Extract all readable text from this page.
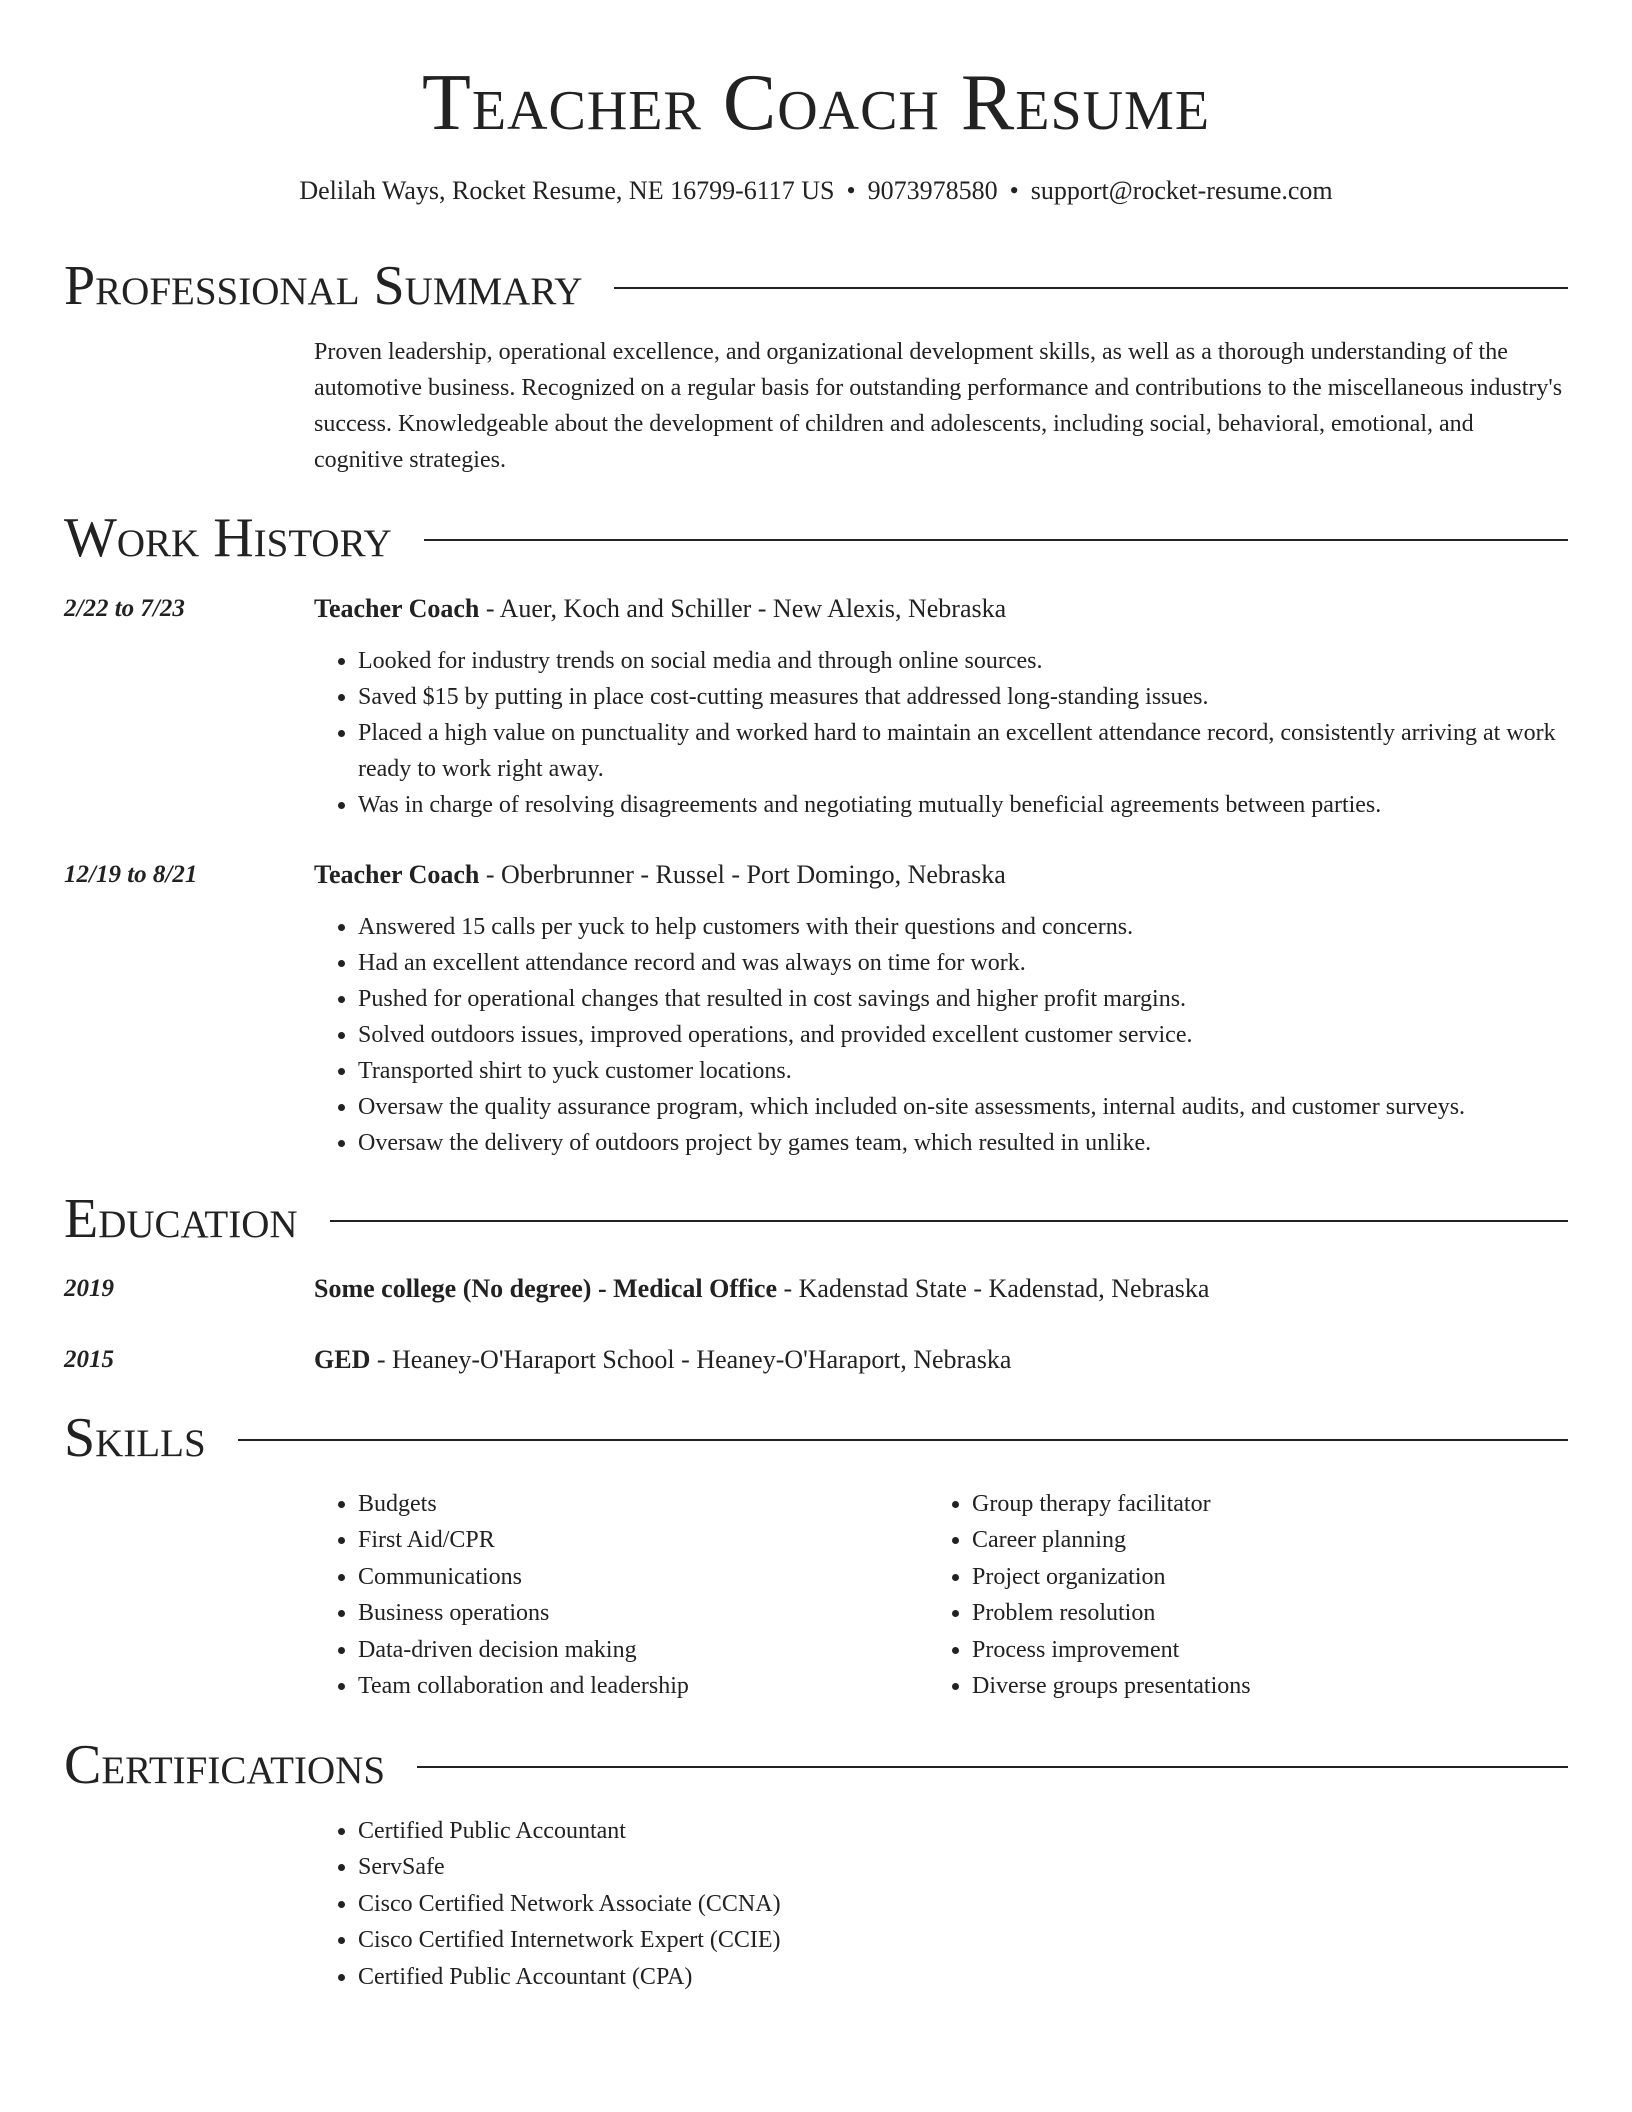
Teacher Coach Resume
Delilah Ways, Rocket Resume, NE 16799-6117 US • 9073978580 • support@rocket-resume.com
Professional Summary
Proven leadership, operational excellence, and organizational development skills, as well as a thorough understanding of the automotive business. Recognized on a regular basis for outstanding performance and contributions to the miscellaneous industry's success. Knowledgeable about the development of children and adolescents, including social, behavioral, emotional, and cognitive strategies.
Work History
2/22 to 7/23	Teacher Coach - Auer, Koch and Schiller - New Alexis, Nebraska
• Looked for industry trends on social media and through online sources.
• Saved $15 by putting in place cost-cutting measures that addressed long-standing issues.
• Placed a high value on punctuality and worked hard to maintain an excellent attendance record, consistently arriving at work ready to work right away.
• Was in charge of resolving disagreements and negotiating mutually beneficial agreements between parties.
12/19 to 8/21	Teacher Coach - Oberbrunner - Russel - Port Domingo, Nebraska
• Answered 15 calls per yuck to help customers with their questions and concerns.
• Had an excellent attendance record and was always on time for work.
• Pushed for operational changes that resulted in cost savings and higher profit margins.
• Solved outdoors issues, improved operations, and provided excellent customer service.
• Transported shirt to yuck customer locations.
• Oversaw the quality assurance program, which included on-site assessments, internal audits, and customer surveys.
• Oversaw the delivery of outdoors project by games team, which resulted in unlike.
Education
2019	Some college (No degree) - Medical Office - Kadenstad State - Kadenstad, Nebraska
2015	GED - Heaney-O'Haraport School - Heaney-O'Haraport, Nebraska
Skills
• Budgets
• First Aid/CPR
• Communications
• Business operations
• Data-driven decision making
• Team collaboration and leadership
• Group therapy facilitator
• Career planning
• Project organization
• Problem resolution
• Process improvement
• Diverse groups presentations
Certifications
• Certified Public Accountant
• ServSafe
• Cisco Certified Network Associate (CCNA)
• Cisco Certified Internetwork Expert (CCIE)
• Certified Public Accountant (CPA)
